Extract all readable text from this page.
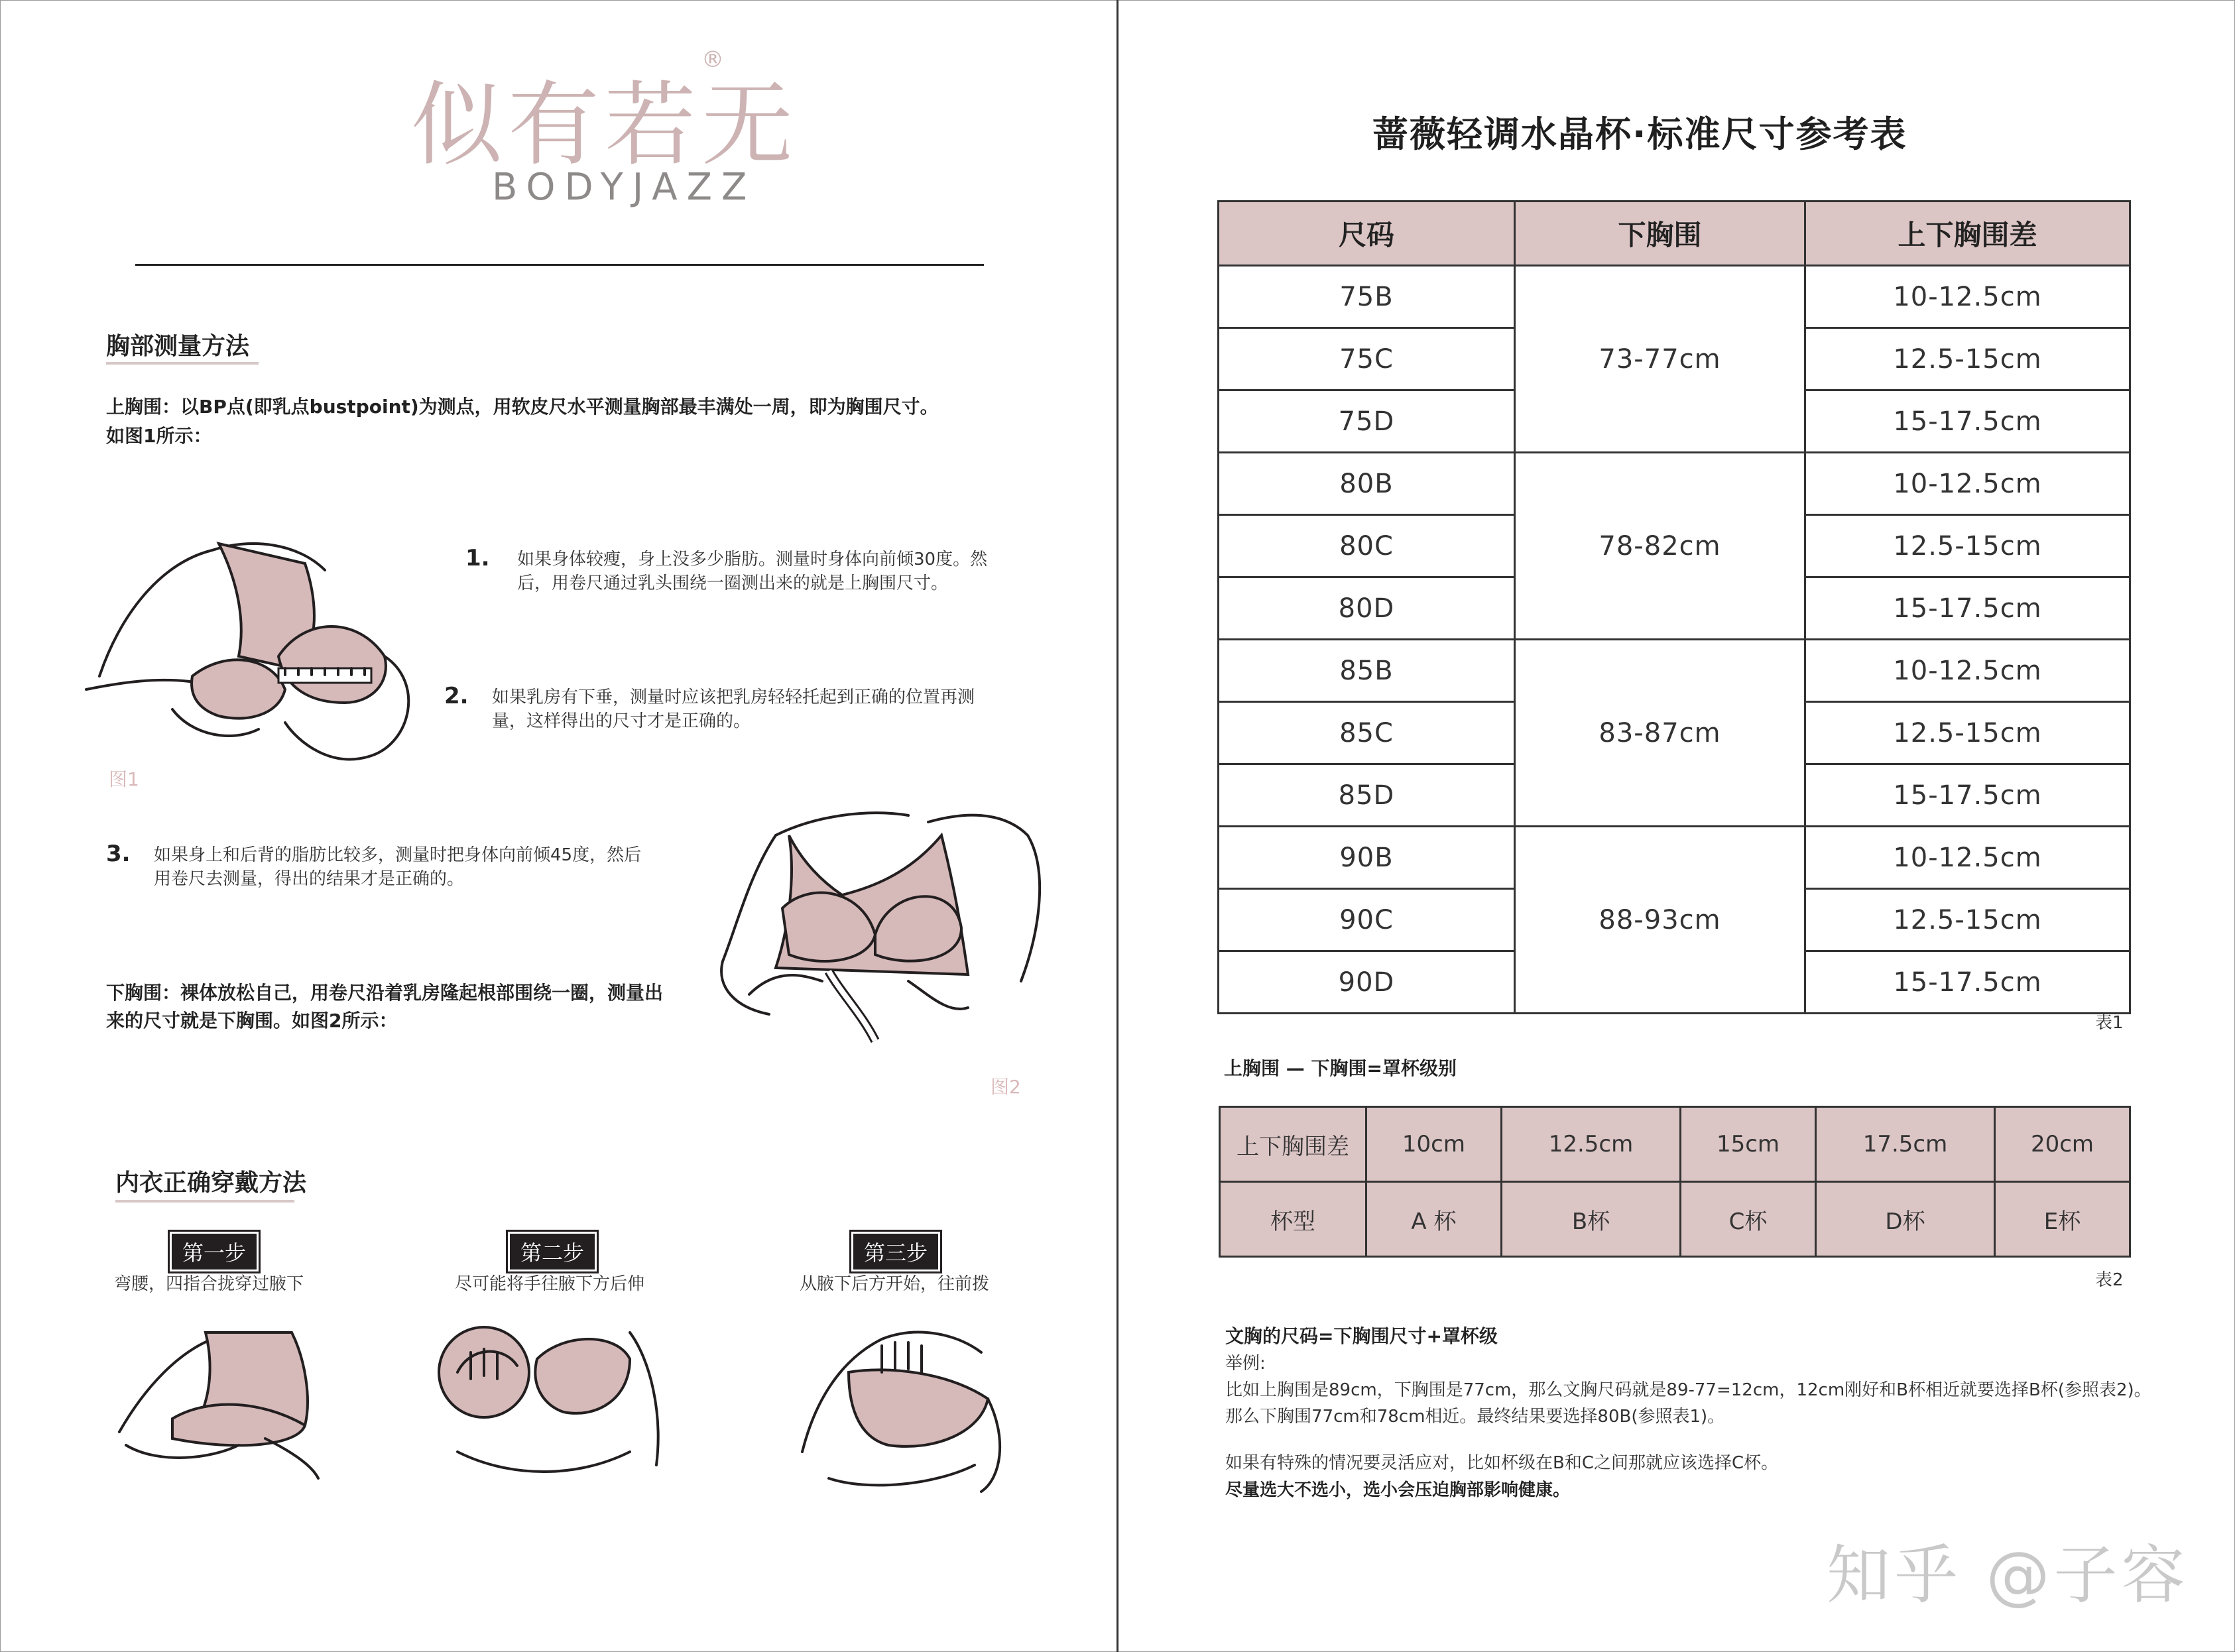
似有若无
®
BODYJAZZ
胸部测量方法
上胸围：以BP点(即乳点bustpoint)为测点，用软皮尺水平测量胸部最丰满处一周，即为胸围尺寸。
如图1所示：
图1
1. 如果身体较瘦，身上没多少脂肪。测量时身体向前倾30度。然
后，用卷尺通过乳头围绕一圈测出来的就是上胸围尺寸。
2. 如果乳房有下垂，测量时应该把乳房轻轻托起到正确的位置再测
量，这样得出的尺寸才是正确的。
3. 如果身上和后背的脂肪比较多，测量时把身体向前倾45度，然后
用卷尺去测量，得出的结果才是正确的。
图2
下胸围：裸体放松自己，用卷尺沿着乳房隆起根部围绕一圈，测量出
来的尺寸就是下胸围。如图2所示：
内衣正确穿戴方法
第一步
弯腰，四指合拢穿过腋下
第二步
尽可能将手往腋下方后伸
第三步
从腋下后方开始，往前拨
蔷薇轻调水晶杯·标准尺寸参考表
尺码	下胸围	上下胸围差
75B	73-77cm	10-12.5cm
75C		12.5-15cm
75D		15-17.5cm
80B	78-82cm	10-12.5cm
80C		12.5-15cm
80D		15-17.5cm
85B	83-87cm	10-12.5cm
85C		12.5-15cm
85D		15-17.5cm
90B	88-93cm	10-12.5cm
90C		12.5-15cm
90D		15-17.5cm
表1
上胸围 — 下胸围=罩杯级别
上下胸围差	10cm	12.5cm	15cm	17.5cm	20cm
杯型	A 杯	B杯	C杯	D杯	E杯
表2
文胸的尺码=下胸围尺寸+罩杯级
举例:
比如上胸围是89cm，下胸围是77cm，那么文胸尺码就是89-77=12cm，12cm刚好和B杯相近就要选择B杯(参照表2)。
那么下胸围77cm和78cm相近。最终结果要选择80B(参照表1)。
如果有特殊的情况要灵活应对，比如杯级在B和C之间那就应该选择C杯。
尽量选大不选小，选小会压迫胸部影响健康。
知乎 @子容
